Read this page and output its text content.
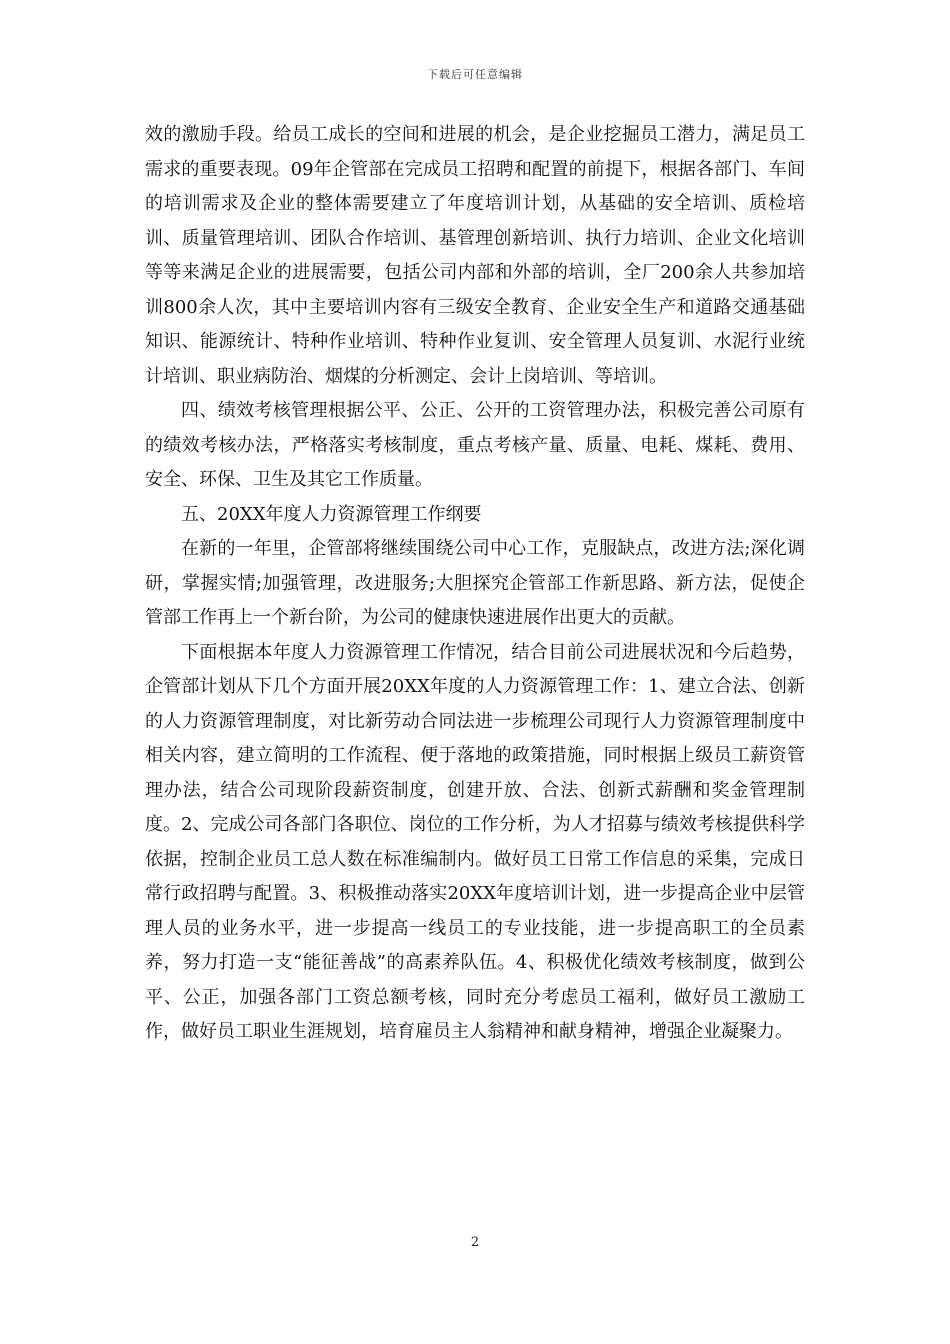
下载后可任意编辑

效的激励手段。给员工成长的空间和进展的机会，是企业挖掘员工潜力，满足员工需求的重要表现。09年企管部在完成员工招聘和配置的前提下，根据各部门、车间的培训需求及企业的整体需要建立了年度培训计划，从基础的安全培训、质检培训、质量管理培训、团队合作培训、基管理创新培训、执行力培训、企业文化培训等等来满足企业的进展需要，包括公司内部和外部的培训，全厂200余人共参加培训800余人次，其中主要培训内容有三级安全教育、企业安全生产和道路交通基础知识、能源统计、特种作业培训、特种作业复训、安全管理人员复训、水泥行业统计培训、职业病防治、烟煤的分析测定、会计上岗培训、等培训。

四、绩效考核管理根据公平、公正、公开的工资管理办法，积极完善公司原有的绩效考核办法，严格落实考核制度，重点考核产量、质量、电耗、煤耗、费用、安全、环保、卫生及其它工作质量。

五、20XX年度人力资源管理工作纲要

在新的一年里，企管部将继续围绕公司中心工作，克服缺点，改进方法;深化调研，掌握实情;加强管理，改进服务;大胆探究企管部工作新思路、新方法，促使企管部工作再上一个新台阶，为公司的健康快速进展作出更大的贡献。

下面根据本年度人力资源管理工作情况，结合目前公司进展状况和今后趋势，企管部计划从下几个方面开展20XX年度的人力资源管理工作：1、建立合法、创新的人力资源管理制度，对比新劳动合同法进一步梳理公司现行人力资源管理制度中相关内容，建立简明的工作流程、便于落地的政策措施，同时根据上级员工薪资管理办法，结合公司现阶段薪资制度，创建开放、合法、创新式薪酬和奖金管理制度。2、完成公司各部门各职位、岗位的工作分析，为人才招募与绩效考核提供科学依据，控制企业员工总人数在标准编制内。做好员工日常工作信息的采集，完成日常行政招聘与配置。3、积极推动落实20XX年度培训计划，进一步提高企业中层管理人员的业务水平，进一步提高一线员工的专业技能，进一步提高职工的全员素养，努力打造一支“能征善战”的高素养队伍。4、积极优化绩效考核制度，做到公平、公正，加强各部门工资总额考核，同时充分考虑员工福利，做好员工激励工作，做好员工职业生涯规划，培育雇员主人翁精神和献身精神，增强企业凝聚力。

2
